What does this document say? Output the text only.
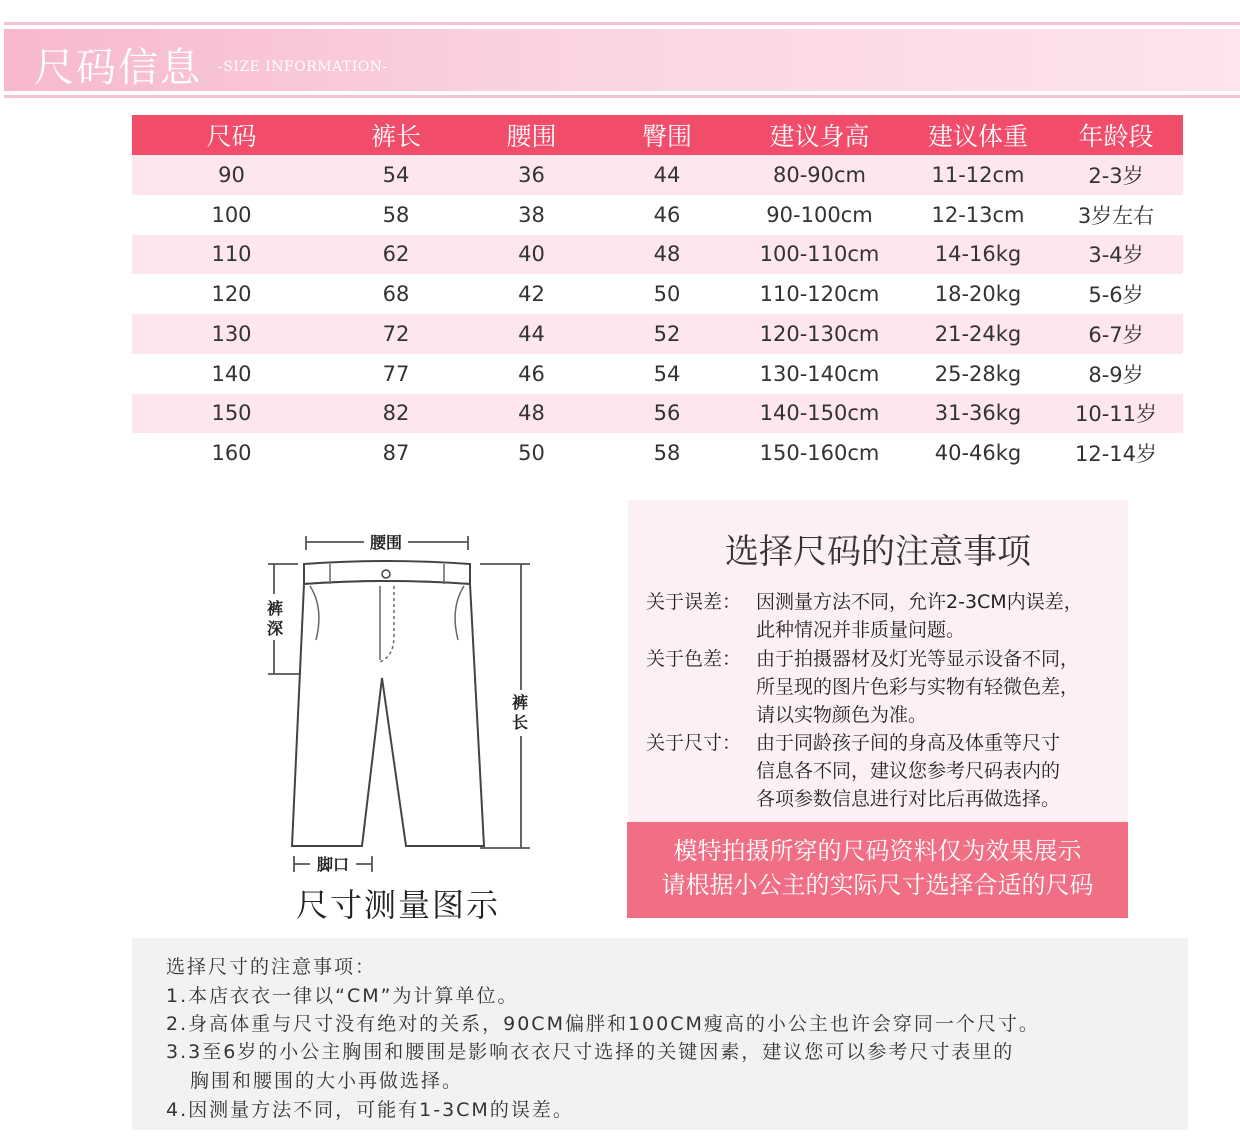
尺码信息 -SIZE INFORMATION-
尺码	裤长	腰围	臀围	建议身高	建议体重	年龄段
90	54	36	44	80-90cm	11-12cm	2-3岁
100	58	38	46	90-100cm	12-13cm	3岁左右
110	62	40	48	100-110cm	14-16kg	3-4岁
120	68	42	50	110-120cm	18-20kg	5-6岁
130	72	44	52	120-130cm	21-24kg	6-7岁
140	77	46	54	130-140cm	25-28kg	8-9岁
150	82	48	56	140-150cm	31-36kg	10-11岁
160	87	50	58	150-160cm	40-46kg	12-14岁
腰围
裤
深
裤
长
脚口
尺寸测量图示
选择尺码的注意事项
关于误差： 因测量方法不同，允许2-3CM内误差，
此种情况并非质量问题。
关于色差： 由于拍摄器材及灯光等显示设备不同，
所呈现的图片色彩与实物有轻微色差，
请以实物颜色为准。
关于尺寸： 由于同龄孩子间的身高及体重等尺寸
信息各不同，建议您参考尺码表内的
各项参数信息进行对比后再做选择。
模特拍摄所穿的尺码资料仅为效果展示
请根据小公主的实际尺寸选择合适的尺码
选择尺寸的注意事项：
1.本店衣衣一律以“CM”为计算单位。
2.身高体重与尺寸没有绝对的关系，90CM偏胖和100CM瘦高的小公主也许会穿同一个尺寸。
3.3至6岁的小公主胸围和腰围是影响衣衣尺寸选择的关键因素，建议您可以参考尺寸表里的
胸围和腰围的大小再做选择。
4.因测量方法不同，可能有1-3CM的误差。
